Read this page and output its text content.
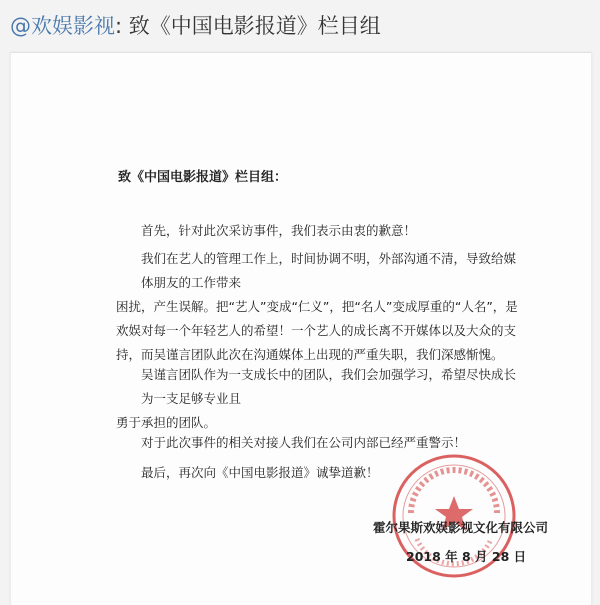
@欢娱影视: 致《中国电影报道》栏目组
致《中国电影报道》栏目组：
首先，针对此次采访事件，我们表示由衷的歉意！
我们在艺人的管理工作上，时间协调不明，外部沟通不清，导致给媒体朋友的工作带来
困扰，产生误解。把“艺人”变成“仁义”，把“名人”变成厚重的“人名”，是欢娱对每一个年轻艺人的希望！一个艺人的成长离不开媒体以及大众的支持，而吴谨言团队此次在沟通媒体上出现的严重失职，我们深感惭愧。
吴谨言团队作为一支成长中的团队，我们会加强学习，希望尽快成长为一支足够专业且
勇于承担的团队。
对于此次事件的相关对接人我们在公司内部已经严重警示！
最后，再次向《中国电影报道》诚挚道歉！
霍尔果斯欢娱影视文化有限公司
2018 年 8 月 28 日
